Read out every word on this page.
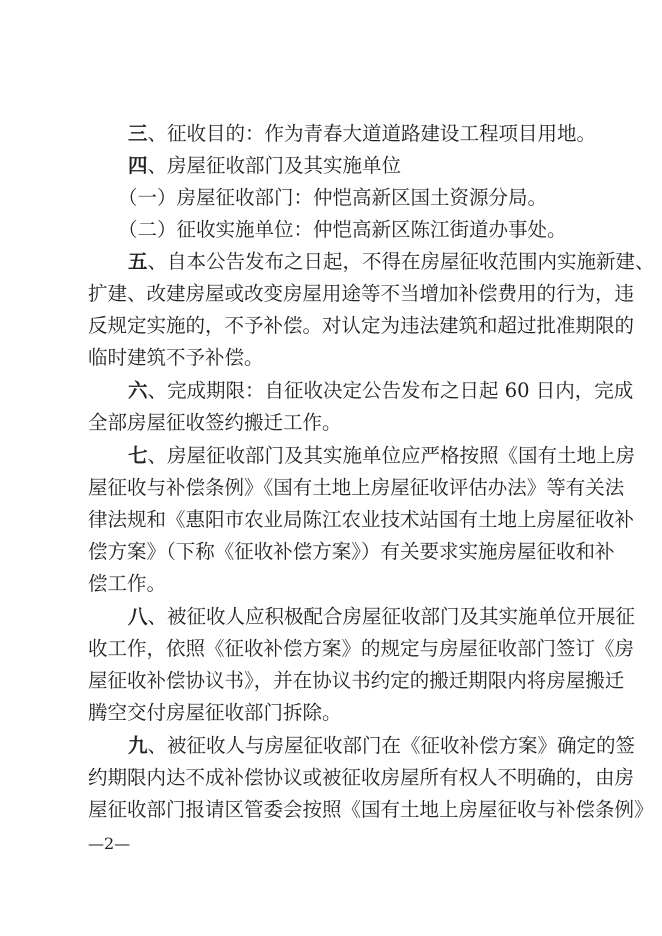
三、征收目的：作为青春大道道路建设工程项目用地。
四、房屋征收部门及其实施单位
（一）房屋征收部门：仲恺高新区国土资源分局。
（二）征收实施单位：仲恺高新区陈江街道办事处。
五、自本公告发布之日起，不得在房屋征收范围内实施新建、
扩建、改建房屋或改变房屋用途等不当增加补偿费用的行为，违
反规定实施的，不予补偿。对认定为违法建筑和超过批准期限的
临时建筑不予补偿。
六、完成期限：自征收决定公告发布之日起 60 日内，完成
全部房屋征收签约搬迁工作。
七、房屋征收部门及其实施单位应严格按照《国有土地上房
屋征收与补偿条例》《国有土地上房屋征收评估办法》等有关法
律法规和《惠阳市农业局陈江农业技术站国有土地上房屋征收补
偿方案》（下称《征收补偿方案》）有关要求实施房屋征收和补
偿工作。
八、被征收人应积极配合房屋征收部门及其实施单位开展征
收工作，依照《征收补偿方案》的规定与房屋征收部门签订《房
屋征收补偿协议书》，并在协议书约定的搬迁期限内将房屋搬迁
腾空交付房屋征收部门拆除。
九、被征收人与房屋征收部门在《征收补偿方案》确定的签
约期限内达不成补偿协议或被征收房屋所有权人不明确的，由房
屋征收部门报请区管委会按照《国有土地上房屋征收与补偿条例》
—2—
